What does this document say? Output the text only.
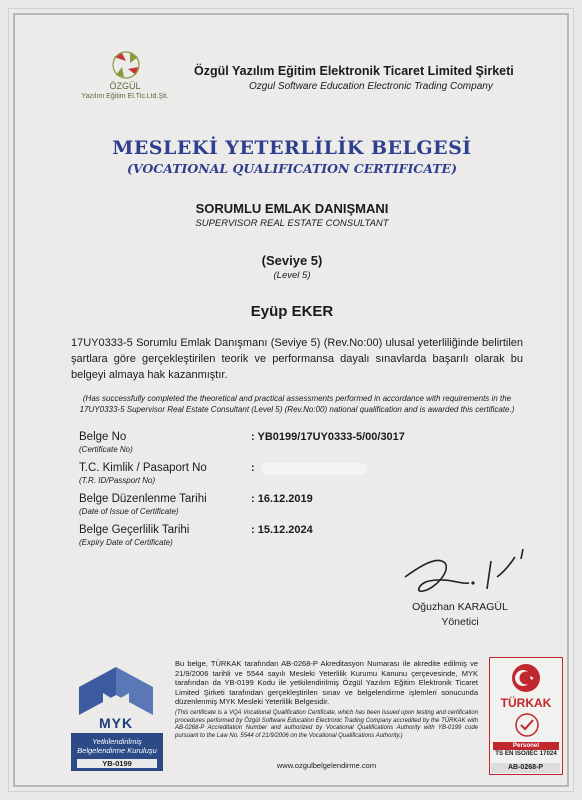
ÖZGÜL
Yazılım Eğitim El.Tic.Ltd.Şti.
Özgül Yazılım Eğitim Elektronik Ticaret Limited Şirketi
Ozgul Software Education Electronic Trading Company
MESLEKİ YETERLİLİK BELGESİ
(VOCATIONAL QUALIFICATION CERTIFICATE)
SORUMLU EMLAK DANIŞMANI
SUPERVISOR REAL ESTATE CONSULTANT
(Seviye 5)
(Level 5)
Eyüp EKER
17UY0333-5 Sorumlu Emlak Danışmanı (Seviye 5) (Rev.No:00) ulusal yeterliliğinde belirtilen şartlara göre gerçekleştirilen teorik ve performansa dayalı sınavlarda başarılı olarak bu belgeyi almaya hak kazanmıştır.
(Has successfully completed the theoretical and practical assessments performed in accordance with requirements in the 17UY0333-5 Supervisor Real Estate Consultant (Level 5) (Rev.No:00) national qualification and is awarded this certificate.)
Belge No
(Certificate No)
: YB0199/17UY0333-5/00/3017
T.C. Kimlik / Pasaport No
(T.R. ID/Passport No)
:
Belge Düzenlenme Tarihi
(Date of Issue of Certificate)
: 16.12.2019
Belge Geçerlilik Tarihi
(Expiry Date of Certificate)
: 15.12.2024
Oğuzhan KARAGÜL
Yönetici
MYK
Yetkilendirilmiş
Belgelendirme Kuruluşu
YB-0199
Bu belge, TÜRKAK tarafından AB-0268-P Akreditasyon Numarası ile akredite edilmiş ve 21/9/2006 tarihli ve 5544 sayılı Mesleki Yeterlilik Kurumu Kanunu çerçevesinde, MYK tarafından da YB-0199 Kodu ile yetkilendirilmiş Özgül Yazılım Eğitim Elektronik Ticaret Limited Şirketi tarafından gerçekleştirilen sınav ve belgelendirme işlemleri sonucunda düzenlenmiş MYK Mesleki Yeterlilik Belgesidir.
(This certificate is a VQA Vocational Qualification Certificate, which has been issued upon testing and certification procedures performed by Özgül Software Education Electronic Trading Company accredited by the TÜRKAK with AB-0268-P Accreditation Number and authorized by Vocational Qualifications Authority with YB-0199 code pursuant to the Law No. 5544 of 21/9/2006 on the Vocational Qualifications Authority.)
www.ozgulbelgelendirme.com
TÜRKAK
Personel
TS EN ISO/IEC 17024
AB-0268-P
